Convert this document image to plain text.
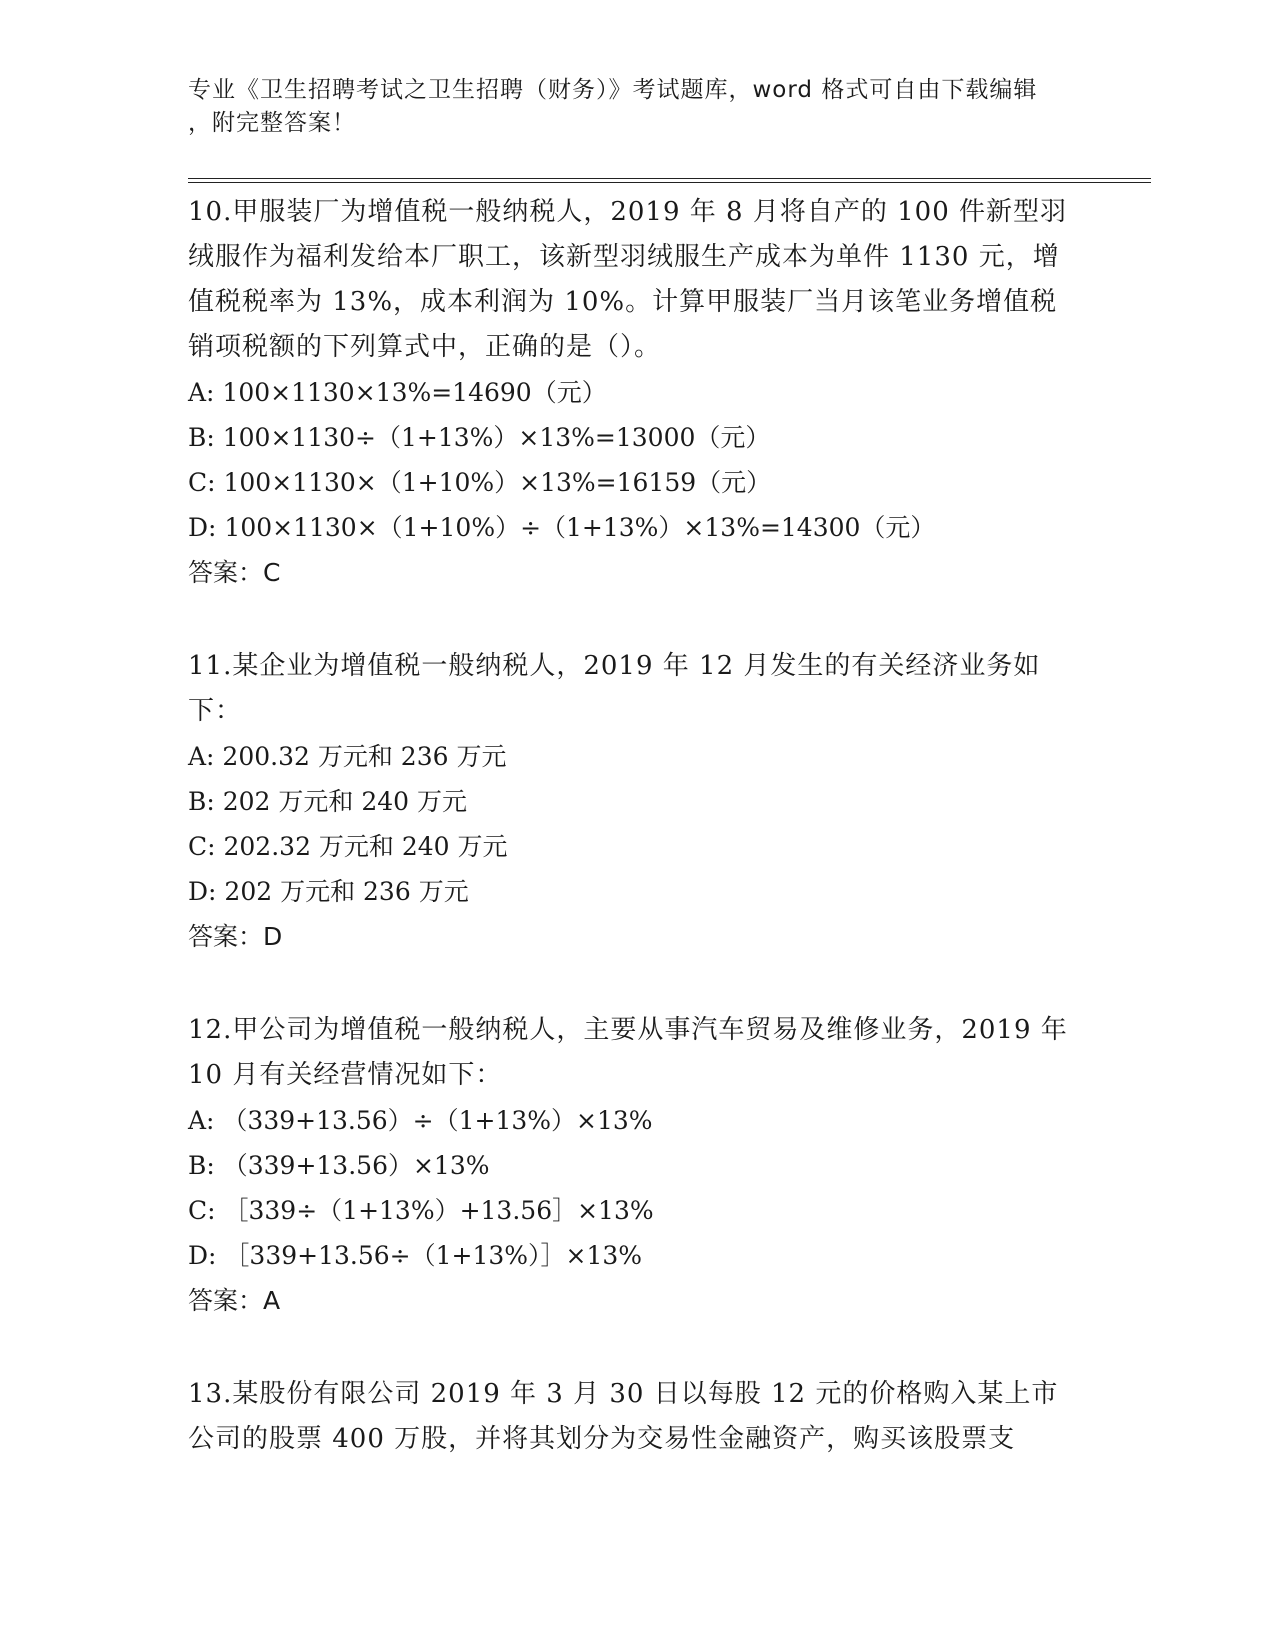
专业《卫生招聘考试之卫生招聘（财务）》考试题库，word 格式可自由下载编辑
，附完整答案！

10.甲服装厂为增值税一般纳税人，2019 年 8 月将自产的 100 件新型羽绒服作为福利发给本厂职工，该新型羽绒服生产成本为单件 1130 元，增值税税率为 13%，成本利润为 10%。计算甲服装厂当月该笔业务增值税销项税额的下列算式中，正确的是（）。

A: 100×1130×13%=14690（元）

B: 100×1130÷（1+13%）×13%=13000（元）

C: 100×1130×（1+10%）×13%=16159（元）

D: 100×1130×（1+10%）÷（1+13%）×13%=14300（元）

答案：C

11.某企业为增值税一般纳税人，2019 年 12 月发生的有关经济业务如下：

A: 200.32 万元和 236 万元

B: 202 万元和 240 万元

C: 202.32 万元和 240 万元

D: 202 万元和 236 万元

答案：D

12.甲公司为增值税一般纳税人，主要从事汽车贸易及维修业务，2019 年 10 月有关经营情况如下：

A: （339+13.56）÷（1+13%）×13%

B: （339+13.56）×13%

C: ［339÷（1+13%）+13.56］×13%

D: ［339+13.56÷（1+13%）］×13%

答案：A

13.某股份有限公司 2019 年 3 月 30 日以每股 12 元的价格购入某上市公司的股票 400 万股，并将其划分为交易性金融资产，购买该股票支
